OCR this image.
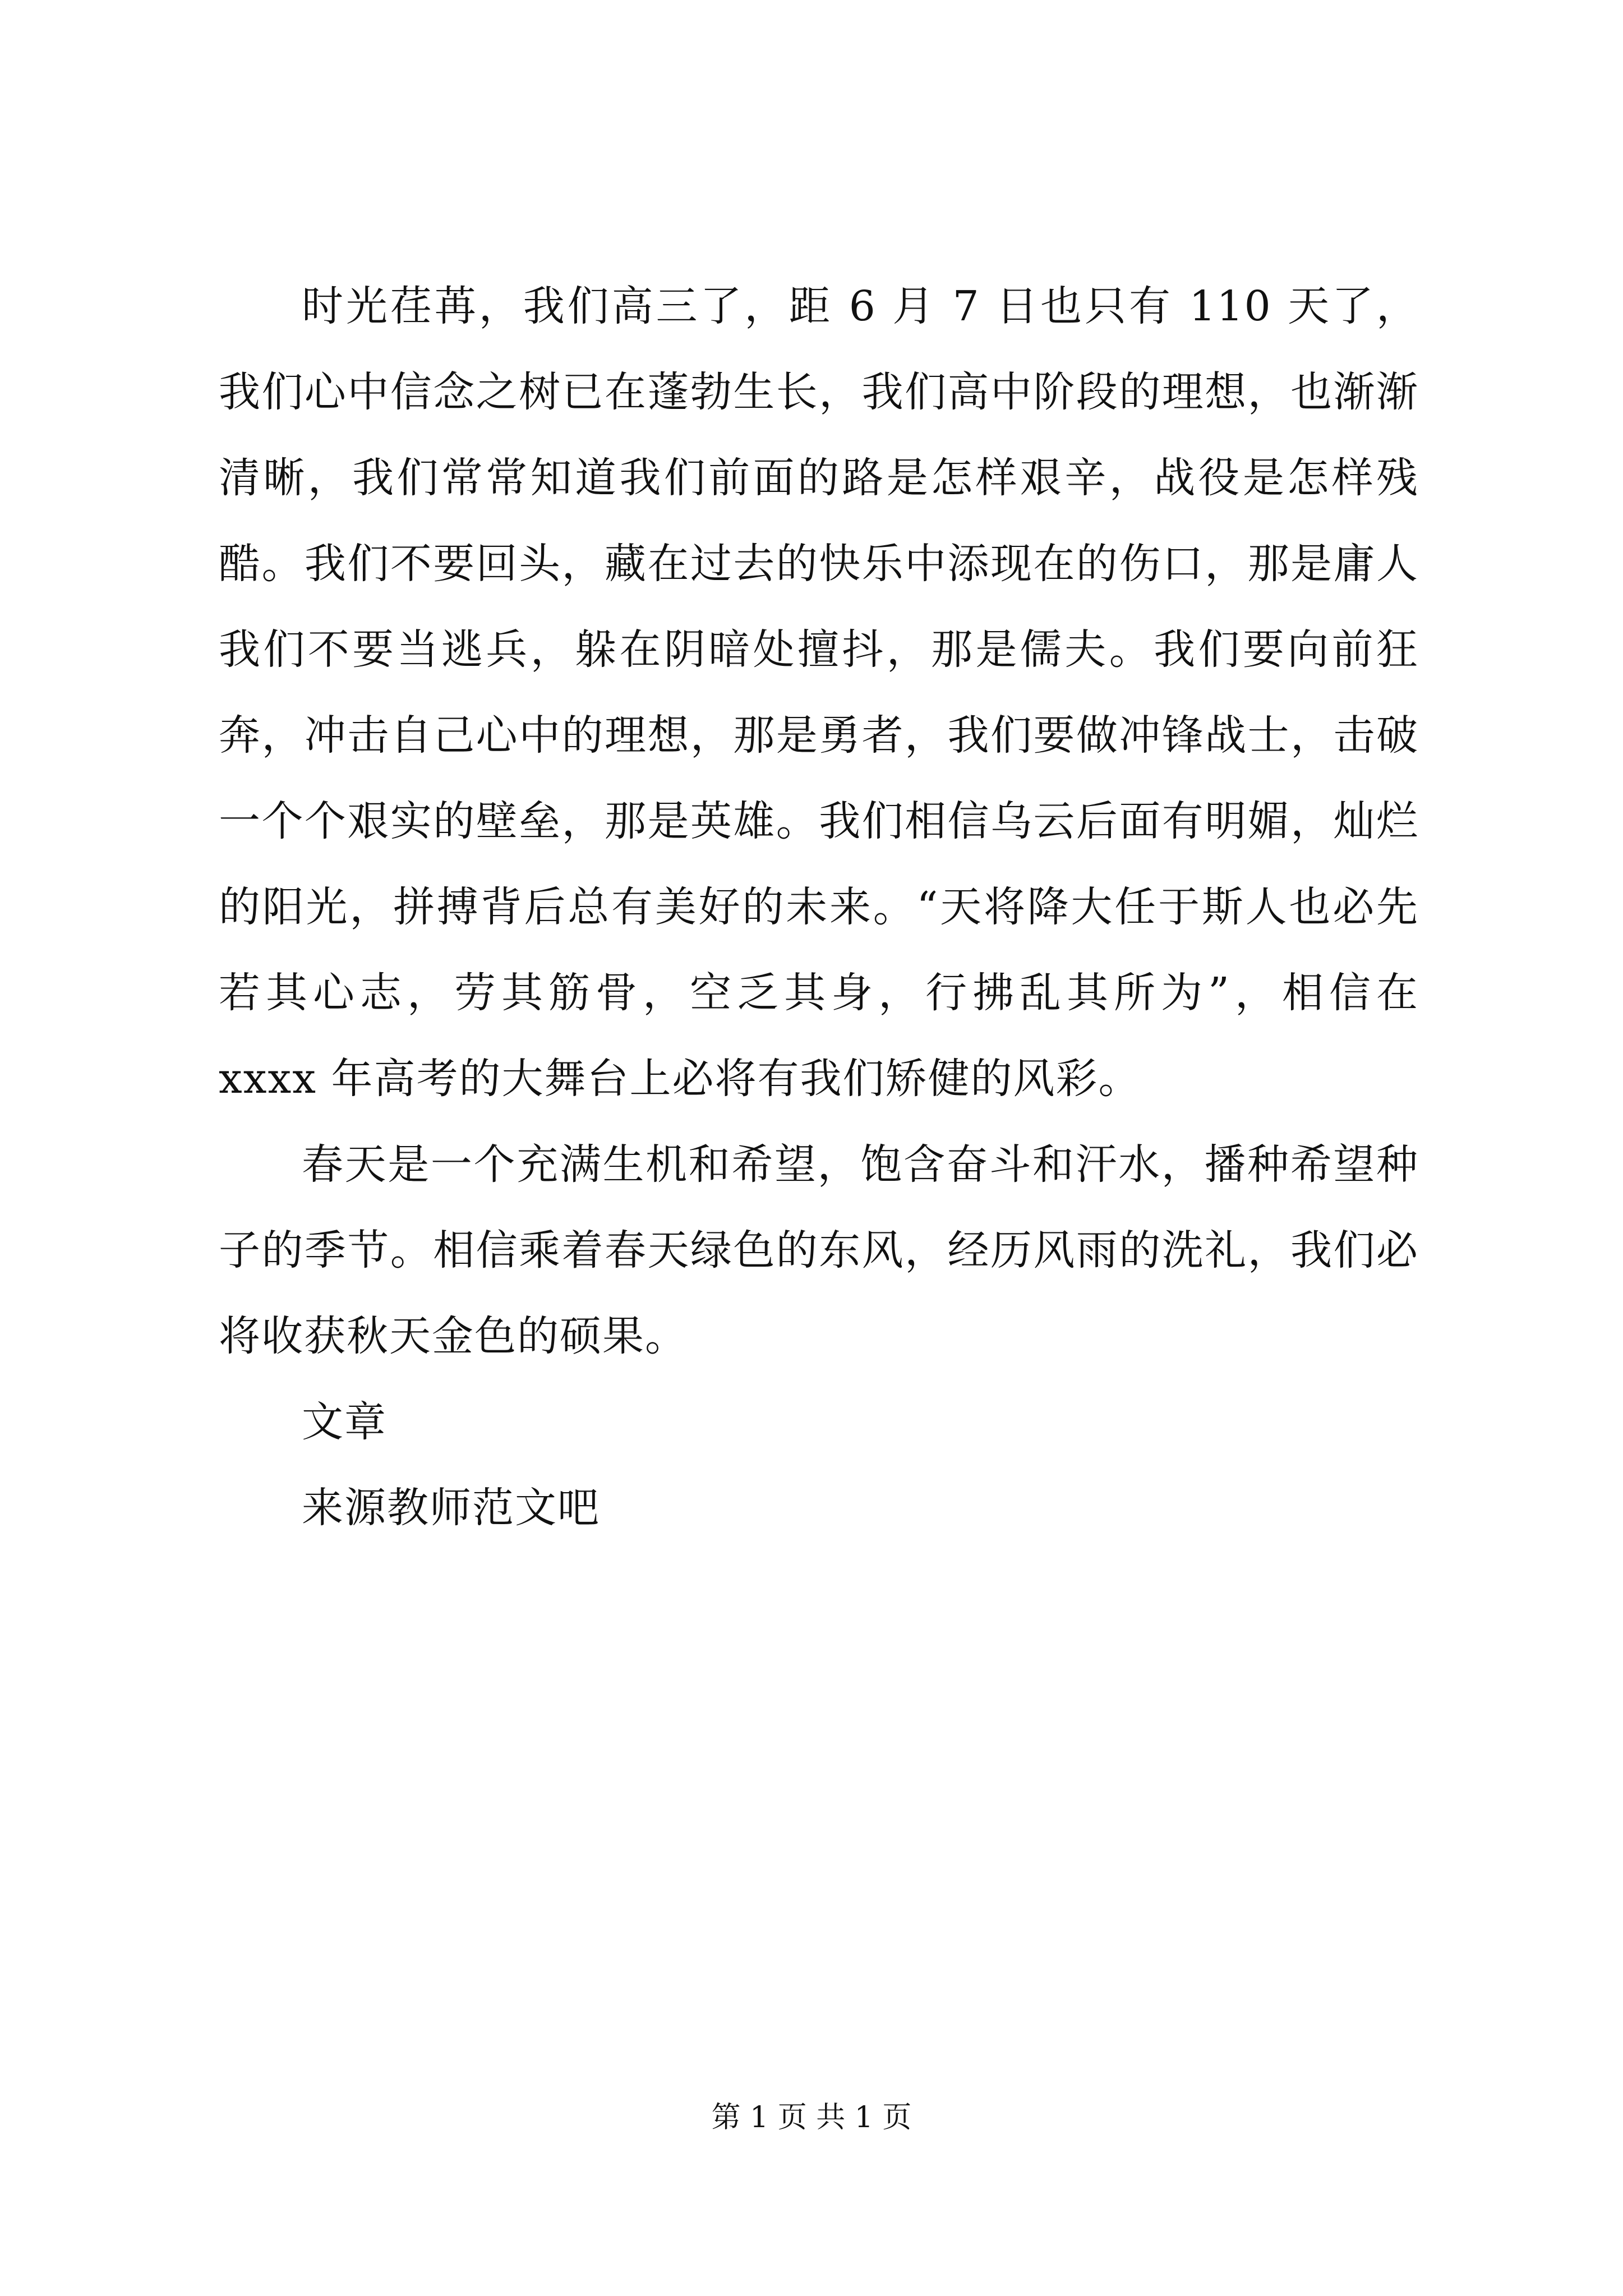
时光荏苒，我们高三了，距 6 月 7 日也只有 110 天了，我们心中信念之树已在蓬勃生长，我们高中阶段的理想，也渐渐清晰，我们常常知道我们前面的路是怎样艰辛，战役是怎样残酷。我们不要回头，藏在过去的快乐中添现在的伤口，那是庸人我们不要当逃兵，躲在阴暗处擅抖，那是儒夫。我们要向前狂奔，冲击自己心中的理想，那是勇者，我们要做冲锋战士，击破一个个艰实的壁垒，那是英雄。我们相信乌云后面有明媚，灿烂的阳光，拼搏背后总有美好的未来。“天将降大任于斯人也必先若其心志，劳其筋骨，空乏其身，行拂乱其所为”，相信在 xxxx 年高考的大舞台上必将有我们矫健的风彩。

春天是一个充满生机和希望，饱含奋斗和汗水，播种希望种子的季节。相信乘着春天绿色的东风，经历风雨的洗礼，我们必将收获秋天金色的硕果。

文章

来源教师范文吧

第 1 页 共 1 页
